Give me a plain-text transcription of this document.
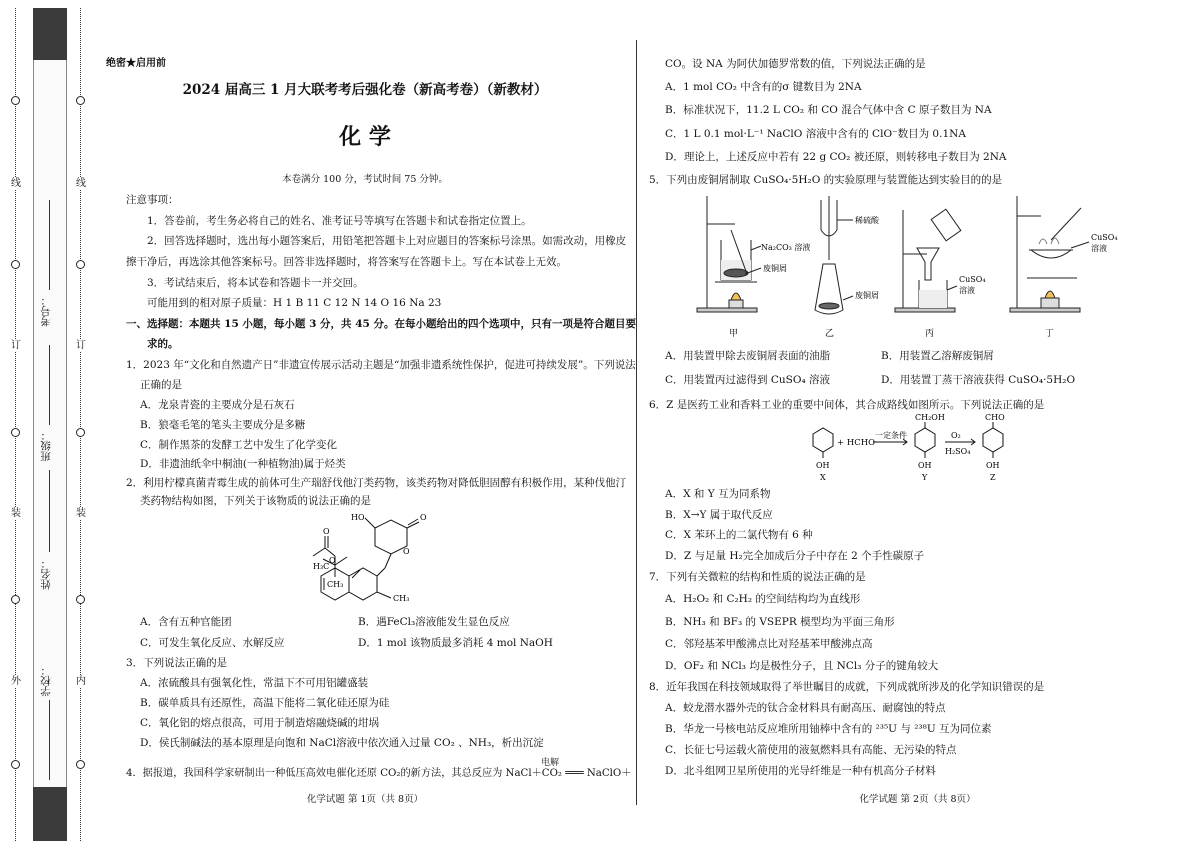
线
订
装
外
线
订
装
内
考号：
班级：
姓名：
学校：
绝密★启用前
2024 届高三 1 月大联考考后强化卷（新高考卷）（新教材）
化 学
本卷满分 100 分，考试时间 75 分钟。
注意事项：
1．答卷前，考生务必将自己的姓名、准考证号等填写在答题卡和试卷指定位置上。
2．回答选择题时，选出每小题答案后，用铅笔把答题卡上对应题目的答案标号涂黑。如需改动，用橡皮
擦干净后，再选涂其他答案标号。回答非选择题时，将答案写在答题卡上。写在本试卷上无效。
3．考试结束后，将本试卷和答题卡一并交回。
可能用到的相对原子质量：H 1 B 11 C 12 N 14 O 16 Na 23
一、选择题：本题共 15 小题，每小题 3 分，共 45 分。在每小题给出的四个选项中，只有一项是符合题目要
求的。
1．2023 年“文化和自然遗产日”非遗宣传展示活动主题是“加强非遗系统性保护，促进可持续发展”。下列说法
正确的是
A．龙泉青瓷的主要成分是石灰石
B．狼毫毛笔的笔头主要成分是多糖
C．制作黑茶的发酵工艺中发生了化学变化
D．非遗油纸伞中桐油(一种植物油)属于烃类
2．利用柠檬真菌青霉生成的前体可生产瑞舒伐他汀类药物，该类药物对降低胆固醇有积极作用，某种伐他汀
类药物结构如图，下列关于该物质的说法正确的是
HO	O
O
O
O
CH₃
H₃C
CH₃
A．含有五种官能团	B．遇FeCl₃溶液能发生显色反应
C．可发生氧化反应、水解反应	D．1 mol 该物质最多消耗 4 mol NaOH
3．下列说法正确的是
A．浓硫酸具有强氧化性，常温下不可用铝罐盛装
B．碳单质具有还原性，高温下能将二氧化硅还原为硅
C．氧化铝的熔点很高，可用于制造熔融烧碱的坩埚
D．侯氏制碱法的基本原理是向饱和 NaCl溶液中依次通入过量 CO₂ 、NH₃，析出沉淀
电解
4．据报道，我国科学家研制出一种低压高效电催化还原 CO₂的新方法，其总反应为 NaCl＋CO₂ ═══ NaClO＋
化学试题 第 1页（共 8页）
CO。设 NA 为阿伏加德罗常数的值，下列说法正确的是
A．1 mol CO₂ 中含有的σ 键数目为 2NA
B．标准状况下，11.2 L CO₂ 和 CO 混合气体中含 C 原子数目为 NA
C．1 L 0.1 mol·L⁻¹ NaClO 溶液中含有的 ClO⁻数目为 0.1NA
D．理论上，上述反应中若有 22 g CO₂ 被还原，则转移电子数目为 2NA
5．下列由废铜屑制取 CuSO₄·5H₂O 的实验原理与装置能达到实验目的的是
Na₂CO₃ 溶液
废铜屑
稀硫酸
废铜屑
CuSO₄
溶液
CuSO₄
溶液
甲	乙	丙	丁
A．用装置甲除去废铜屑表面的油脂	B．用装置乙溶解废铜屑
C．用装置丙过滤得到 CuSO₄ 溶液	D．用装置丁蒸干溶液获得 CuSO₄·5H₂O
6．Z 是医药工业和香料工业的重要中间体，其合成路线如图所示。下列说法正确的是
+ HCHO
一定条件	O₂
H₂SO₄
CH₂OH	CHO
OH	OH	OH
X	Y	Z
A．X 和 Y 互为同系物
B．X→Y 属于取代反应
C．X 苯环上的二氯代物有 6 种
D．Z 与足量 H₂完全加成后分子中存在 2 个手性碳原子
7．下列有关微粒的结构和性质的说法正确的是
A．H₂O₂ 和 C₂H₂ 的空间结构均为直线形
B．NH₃ 和 BF₃ 的 VSEPR 模型均为平面三角形
C．邻羟基苯甲酸沸点比对羟基苯甲酸沸点高
D．OF₂ 和 NCl₃ 均是极性分子，且 NCl₃ 分子的键角较大
8．近年我国在科技领域取得了举世瞩目的成就，下列成就所涉及的化学知识错误的是
A．蛟龙潜水器外壳的钛合金材料具有耐高压、耐腐蚀的特点
B．华龙一号核电站反应堆所用铀棒中含有的 ²³⁵U 与 ²³⁸U 互为同位素
C．长征七号运载火箭使用的液氨燃料具有高能、无污染的特点
D．北斗组网卫星所使用的光导纤维是一种有机高分子材料
化学试题 第 2页（共 8页）
